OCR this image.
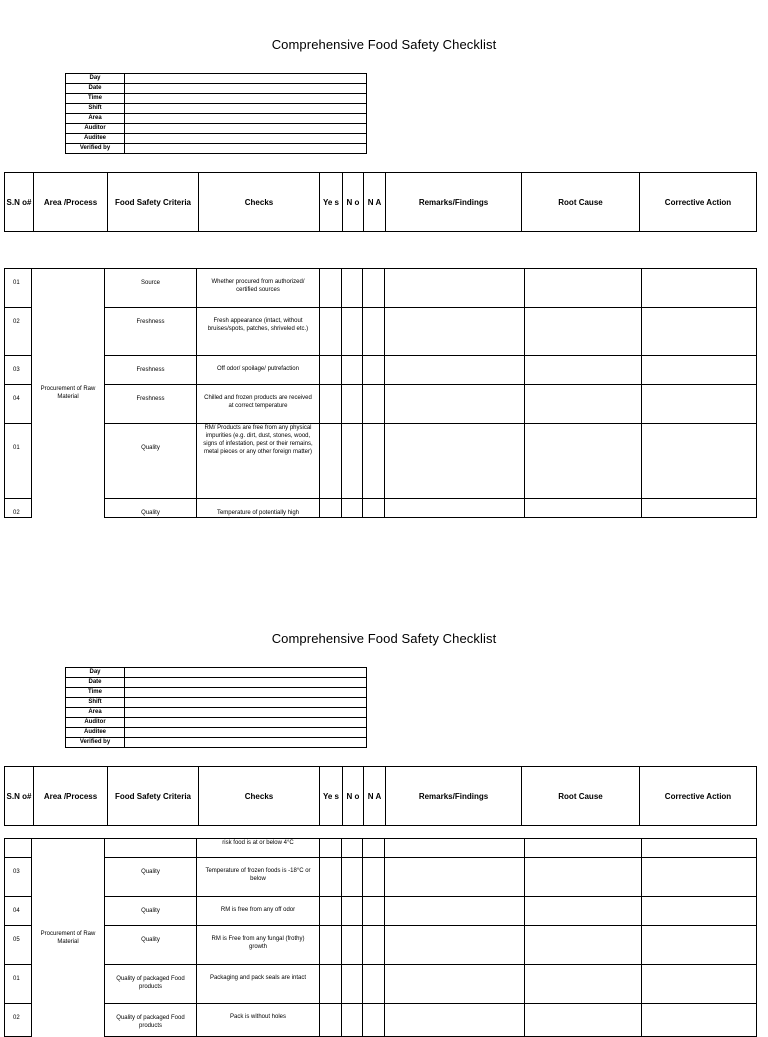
Comprehensive Food Safety Checklist
Day	
Date	
Time	
Shift	
Area	
Auditor	
Auditee	
Verified by	
S.N o#	Area /Process	Food Safety Criteria	Checks	Ye s	N o	N A	Remarks/Findings	Root Cause	Corrective Action
01	Procurement of Raw Material	Source	Whether procured from authorized/ certified sources						
02		Freshness	Fresh appearance (intact, without bruises/spots, patches, shriveled etc.)						
03		Freshness	Off odor/ spoilage/ putrefaction						
04		Freshness	Chilled and frozen products are received at correct temperature						
01		Quality	RM/ Products are free from any physical impurities (e.g. dirt, dust, stones, wood, signs of infestation, pest or their remains, metal pieces or any other foreign matter)						
02		Quality	Temperature of potentially high						
Comprehensive Food Safety Checklist
Day	
Date	
Time	
Shift	
Area	
Auditor	
Auditee	
Verified by	
S.N o#	Area /Process	Food Safety Criteria	Checks	Ye s	N o	N A	Remarks/Findings	Root Cause	Corrective Action
	Procurement of Raw Material		risk food is at or below 4°C						
03		Quality	Temperature of frozen foods is -18°C or below						
04		Quality	RM is free from any off odor						
05		Quality	RM is Free from any fungal (frothy) growth						
01		Quality of packaged Food products	Packaging and pack seals are intact						
02		Quality of packaged Food products	Pack is without holes						
